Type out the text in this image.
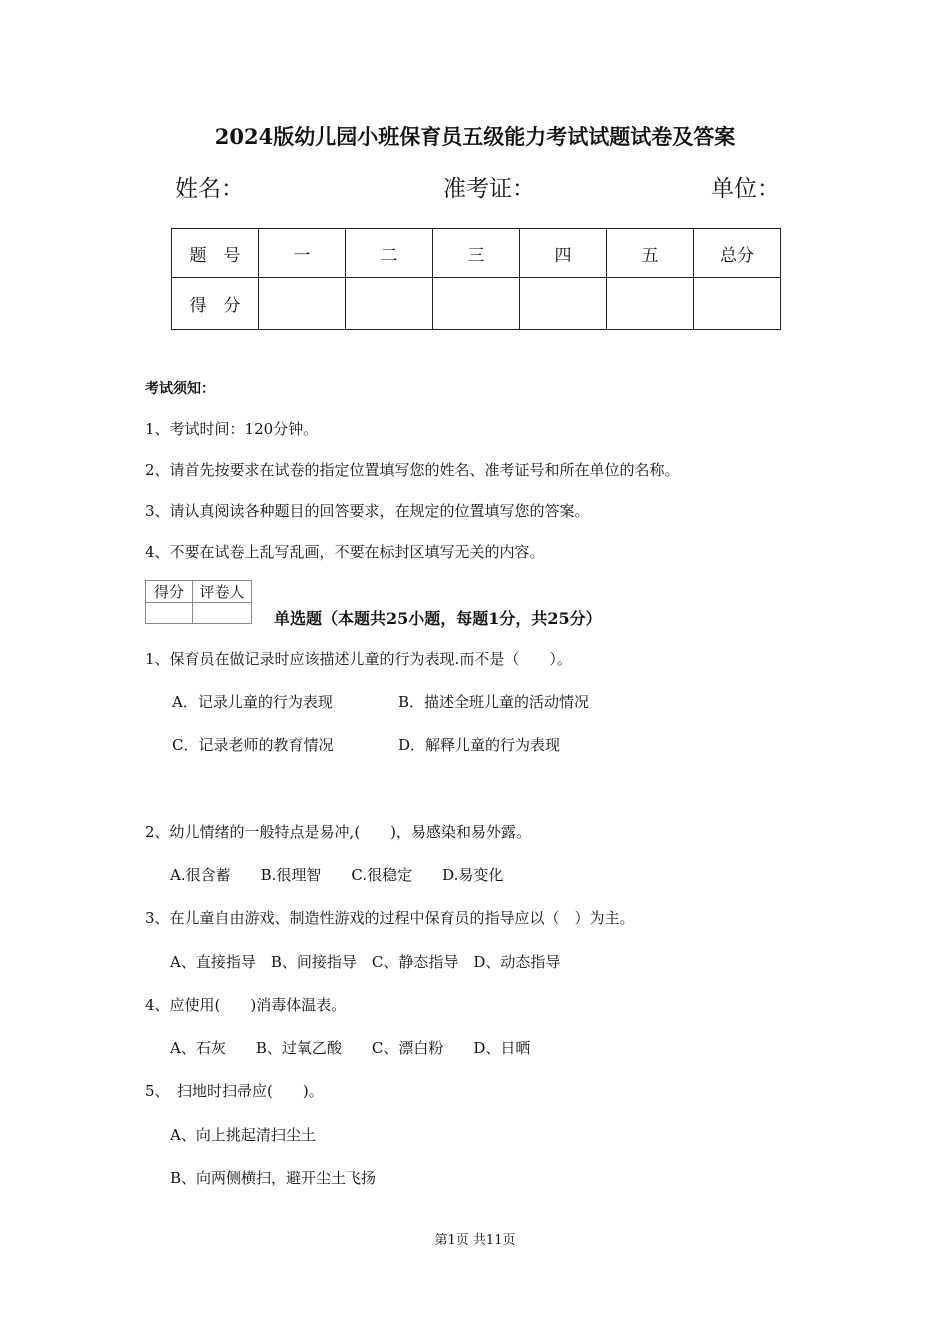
2024版幼儿园小班保育员五级能力考试试题试卷及答案
姓名：	准考证：	单位：
题　号	一	二	三	四	五	总分
得　分						
考试须知：
1、考试时间：120分钟。
2、请首先按要求在试卷的指定位置填写您的姓名、准考证号和所在单位的名称。
3、请认真阅读各种题目的回答要求，在规定的位置填写您的答案。
4、不要在试卷上乱写乱画，不要在标封区填写无关的内容。
得分	评卷人

单选题（本题共25小题，每题1分，共25分）
1、保育员在做记录时应该描述儿童的行为表现.而不是（　　）。
A．记录儿童的行为表现	B．描述全班儿童的活动情况
C．记录老师的教育情况	D．解释儿童的行为表现
2、幼儿情绪的一般特点是易冲,(　　)，易感染和易外露。
A.很含蓄　　B.很理智　　C.很稳定　　D.易变化
3、在儿童自由游戏、制造性游戏的过程中保育员的指导应以（　）为主。
A、直接指导　B、间接指导　C、静态指导　D、动态指导
4、应使用(　　)消毒体温表。
A、石灰　　B、过氧乙酸　　C、漂白粉　　D、日晒
5、　扫地时扫帚应(　　)。
A、向上挑起清扫尘土
B、向两侧横扫，避开尘土飞扬
第1页 共11页
